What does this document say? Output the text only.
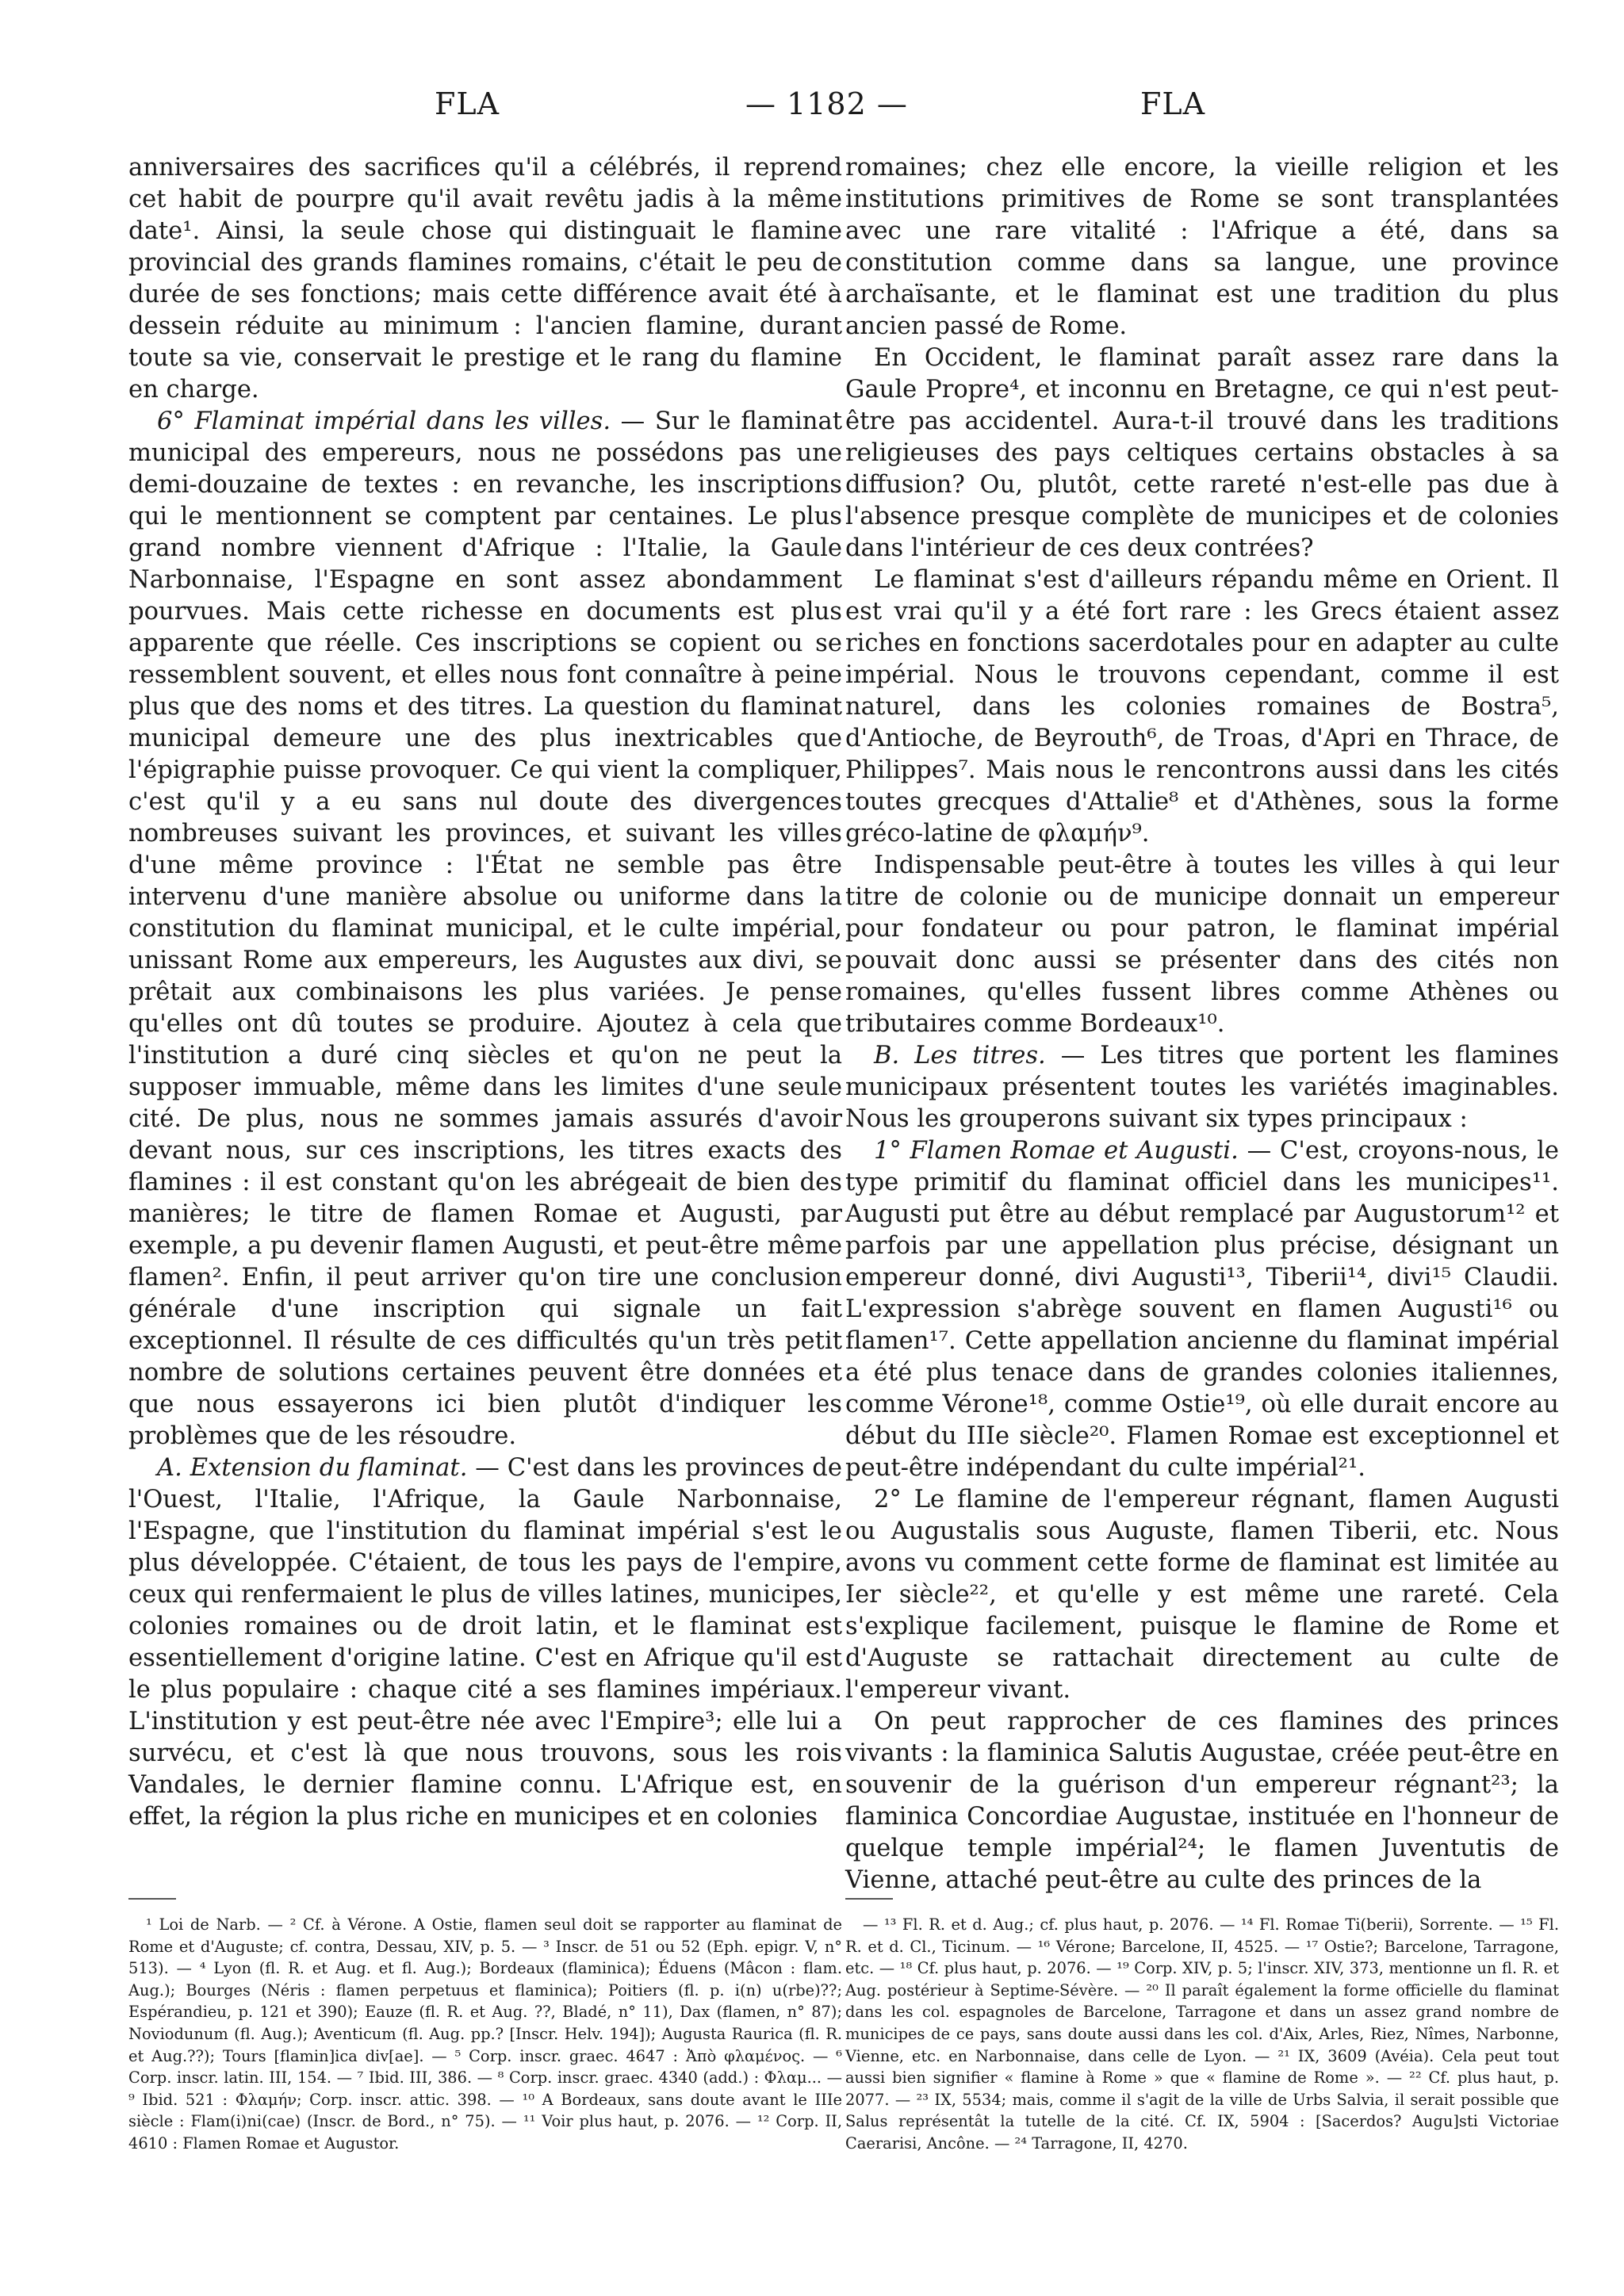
FLA	— 1182 —	FLA

anniversaires des sacrifices qu'il a célébrés, il reprend cet habit de pourpre qu'il avait revêtu jadis à la même date¹. Ainsi, la seule chose qui distinguait le flamine provincial des grands flamines romains, c'était le peu de durée de ses fonctions; mais cette différence avait été à dessein réduite au minimum : l'ancien flamine, durant toute sa vie, conservait le prestige et le rang du flamine en charge.

6° Flaminat impérial dans les villes. — Sur le flaminat municipal des empereurs, nous ne possédons pas une demi-douzaine de textes : en revanche, les inscriptions qui le mentionnent se comptent par centaines. Le plus grand nombre viennent d'Afrique : l'Italie, la Gaule Narbonnaise, l'Espagne en sont assez abondamment pourvues. Mais cette richesse en documents est plus apparente que réelle. Ces inscriptions se copient ou se ressemblent souvent, et elles nous font connaître à peine plus que des noms et des titres. La question du flaminat municipal demeure une des plus inextricables que l'épigraphie puisse provoquer. Ce qui vient la compliquer, c'est qu'il y a eu sans nul doute des divergences nombreuses suivant les provinces, et suivant les villes d'une même province : l'État ne semble pas être intervenu d'une manière absolue ou uniforme dans la constitution du flaminat municipal, et le culte impérial, unissant Rome aux empereurs, les Augustes aux divi, se prêtait aux combinaisons les plus variées. Je pense qu'elles ont dû toutes se produire. Ajoutez à cela que l'institution a duré cinq siècles et qu'on ne peut la supposer immuable, même dans les limites d'une seule cité. De plus, nous ne sommes jamais assurés d'avoir devant nous, sur ces inscriptions, les titres exacts des flamines : il est constant qu'on les abrégeait de bien des manières; le titre de flamen Romae et Augusti, par exemple, a pu devenir flamen Augusti, et peut-être même flamen². Enfin, il peut arriver qu'on tire une conclusion générale d'une inscription qui signale un fait exceptionnel. Il résulte de ces difficultés qu'un très petit nombre de solutions certaines peuvent être données et que nous essayerons ici bien plutôt d'indiquer les problèmes que de les résoudre.

A. Extension du flaminat. — C'est dans les provinces de l'Ouest, l'Italie, l'Afrique, la Gaule Narbonnaise, l'Espagne, que l'institution du flaminat impérial s'est le plus développée. C'étaient, de tous les pays de l'empire, ceux qui renfermaient le plus de villes latines, municipes, colonies romaines ou de droit latin, et le flaminat est essentiellement d'origine latine. C'est en Afrique qu'il est le plus populaire : chaque cité a ses flamines impériaux. L'institution y est peut-être née avec l'Empire³; elle lui a survécu, et c'est là que nous trouvons, sous les rois Vandales, le dernier flamine connu. L'Afrique est, en effet, la région la plus riche en municipes et en colonies

romaines; chez elle encore, la vieille religion et les institutions primitives de Rome se sont transplantées avec une rare vitalité : l'Afrique a été, dans sa constitution comme dans sa langue, une province archaïsante, et le flaminat est une tradition du plus ancien passé de Rome.

En Occident, le flaminat paraît assez rare dans la Gaule Propre⁴, et inconnu en Bretagne, ce qui n'est peut-être pas accidentel. Aura-t-il trouvé dans les traditions religieuses des pays celtiques certains obstacles à sa diffusion? Ou, plutôt, cette rareté n'est-elle pas due à l'absence presque complète de municipes et de colonies dans l'intérieur de ces deux contrées?

Le flaminat s'est d'ailleurs répandu même en Orient. Il est vrai qu'il y a été fort rare : les Grecs étaient assez riches en fonctions sacerdotales pour en adapter au culte impérial. Nous le trouvons cependant, comme il est naturel, dans les colonies romaines de Bostra⁵, d'Antioche, de Beyrouth⁶, de Troas, d'Apri en Thrace, de Philippes⁷. Mais nous le rencontrons aussi dans les cités toutes grecques d'Attalie⁸ et d'Athènes, sous la forme gréco-latine de φλαμήν⁹.

Indispensable peut-être à toutes les villes à qui leur titre de colonie ou de municipe donnait un empereur pour fondateur ou pour patron, le flaminat impérial pouvait donc aussi se présenter dans des cités non romaines, qu'elles fussent libres comme Athènes ou tributaires comme Bordeaux¹⁰.

B. Les titres. — Les titres que portent les flamines municipaux présentent toutes les variétés imaginables. Nous les grouperons suivant six types principaux :

1° Flamen Romae et Augusti. — C'est, croyons-nous, le type primitif du flaminat officiel dans les municipes¹¹. Augusti put être au début remplacé par Augustorum¹² et parfois par une appellation plus précise, désignant un empereur donné, divi Augusti¹³, Tiberii¹⁴, divi¹⁵ Claudii. L'expression s'abrège souvent en flamen Augusti¹⁶ ou flamen¹⁷. Cette appellation ancienne du flaminat impérial a été plus tenace dans de grandes colonies italiennes, comme Vérone¹⁸, comme Ostie¹⁹, où elle durait encore au début du IIIe siècle²⁰. Flamen Romae est exceptionnel et peut-être indépendant du culte impérial²¹.

2° Le flamine de l'empereur régnant, flamen Augusti ou Augustalis sous Auguste, flamen Tiberii, etc. Nous avons vu comment cette forme de flaminat est limitée au Ier siècle²², et qu'elle y est même une rareté. Cela s'explique facilement, puisque le flamine de Rome et d'Auguste se rattachait directement au culte de l'empereur vivant.

On peut rapprocher de ces flamines des princes vivants : la flaminica Salutis Augustae, créée peut-être en souvenir de la guérison d'un empereur régnant²³; la flaminica Concordiae Augustae, instituée en l'honneur de quelque temple impérial²⁴; le flamen Juventutis de Vienne, attaché peut-être au culte des princes de la

¹ Loi de Narb. — ² Cf. à Vérone. A Ostie, flamen seul doit se rapporter au flaminat de Rome et d'Auguste; cf. contra, Dessau, XIV, p. 5. — ³ Inscr. de 51 ou 52 (Eph. epigr. V, n° 513). — ⁴ Lyon (fl. R. et Aug. et fl. Aug.); Bordeaux (flaminica); Éduens (Mâcon : flam. Aug.); Bourges (Néris : flamen perpetuus et flaminica); Poitiers (fl. p. i(n) u(rbe)??; Espérandieu, p. 121 et 390); Eauze (fl. R. et Aug. ??, Bladé, n° 11), Dax (flamen, n° 87); Noviodunum (fl. Aug.); Aventicum (fl. Aug. pp.? [Inscr. Helv. 194]); Augusta Raurica (fl. R. et Aug.??); Tours [flamin]ica div[ae]. — ⁵ Corp. inscr. graec. 4647 : Ἀπὸ φλαμένος. — ⁶ Corp. inscr. latin. III, 154. — ⁷ Ibid. III, 386. — ⁸ Corp. inscr. graec. 4340 (add.) : Φλαμ... — ⁹ Ibid. 521 : Φλαμήν; Corp. inscr. attic. 398. — ¹⁰ A Bordeaux, sans doute avant le IIIe siècle : Flam(i)ni(cae) (Inscr. de Bord., n° 75). — ¹¹ Voir plus haut, p. 2076. — ¹² Corp. II, 4610 : Flamen Romae et Augustor.

— ¹³ Fl. R. et d. Aug.; cf. plus haut, p. 2076. — ¹⁴ Fl. Romae Ti(berii), Sorrente. — ¹⁵ Fl. R. et d. Cl., Ticinum. — ¹⁶ Vérone; Barcelone, II, 4525. — ¹⁷ Ostie?; Barcelone, Tarragone, etc. — ¹⁸ Cf. plus haut, p. 2076. — ¹⁹ Corp. XIV, p. 5; l'inscr. XIV, 373, mentionne un fl. R. et Aug. postérieur à Septime-Sévère. — ²⁰ Il paraît également la forme officielle du flaminat dans les col. espagnoles de Barcelone, Tarragone et dans un assez grand nombre de municipes de ce pays, sans doute aussi dans les col. d'Aix, Arles, Riez, Nîmes, Narbonne, Vienne, etc. en Narbonnaise, dans celle de Lyon. — ²¹ IX, 3609 (Avéia). Cela peut tout aussi bien signifier « flamine à Rome » que « flamine de Rome ». — ²² Cf. plus haut, p. 2077. — ²³ IX, 5534; mais, comme il s'agit de la ville de Urbs Salvia, il serait possible que Salus représentât la tutelle de la cité. Cf. IX, 5904 : [Sacerdos? Augu]sti Victoriae Caerarisi, Ancône. — ²⁴ Tarragone, II, 4270.
